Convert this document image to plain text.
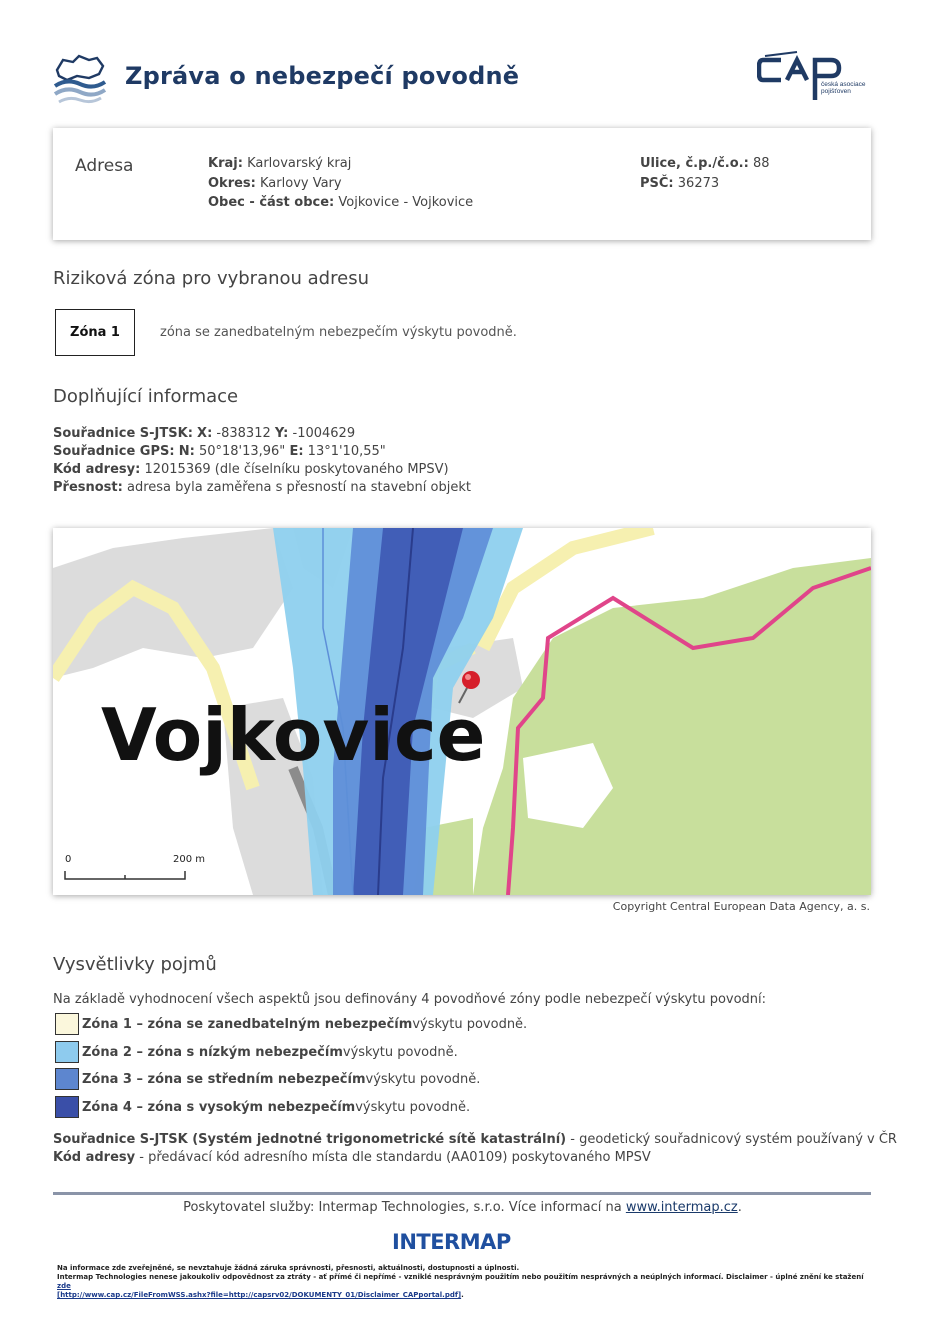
Zpráva o nebezpečí povodně	česká asociace
pojišťoven
Adresa	Kraj: Karlovarský kraj
Okres: Karlovy Vary
Obec - část obce: Vojkovice - Vojkovice
Ulice, č.p./č.o.: 88
PSČ: 36273
Riziková zóna pro vybranou adresu
Zóna 1	zóna se zanedbatelným nebezpečím výskytu povodně.
Doplňující informace
Souřadnice S-JTSK: X: -838312 Y: -1004629
Souřadnice GPS: N: 50°18'13,96" E: 13°1'10,55"
Kód adresy: 12015369 (dle číselníku poskytovaného MPSV)
Přesnost: adresa byla zaměřena s přesností na stavební objekt
Vojkovice
0	200 m
Copyright Central European Data Agency, a. s.
Vysvětlivky pojmů
Na základě vyhodnocení všech aspektů jsou definovány 4 povodňové zóny podle nebezpečí výskytu povodní:
Zóna 1 – zóna se zanedbatelným nebezpečím výskytu povodně.
Zóna 2 – zóna s nízkým nebezpečím výskytu povodně.
Zóna 3 – zóna se středním nebezpečím výskytu povodně.
Zóna 4 – zóna s vysokým nebezpečím výskytu povodně.
Souřadnice S-JTSK (Systém jednotné trigonometrické sítě katastrální) - geodetický souřadnicový systém používaný v ČR
Kód adresy - předávací kód adresního místa dle standardu (AA0109) poskytovaného MPSV
Poskytovatel služby: Intermap Technologies, s.r.o. Více informací na www.intermap.cz.
INTERMAP
Na informace zde zveřejněné, se nevztahuje žádná záruka správnosti, přesnosti, aktuálnosti, dostupnosti a úplnosti.
Intermap Technologies nenese jakoukoliv odpovědnost za ztráty - ať přímé či nepřímé - vzniklé nesprávným použitím nebo použitím nesprávných a neúplných informací. Disclaimer - úplné znění ke stažení zde
[http://www.cap.cz/FileFromWSS.ashx?file=http://capsrv02/DOKUMENTY_01/Disclaimer_CAPportal.pdf].
